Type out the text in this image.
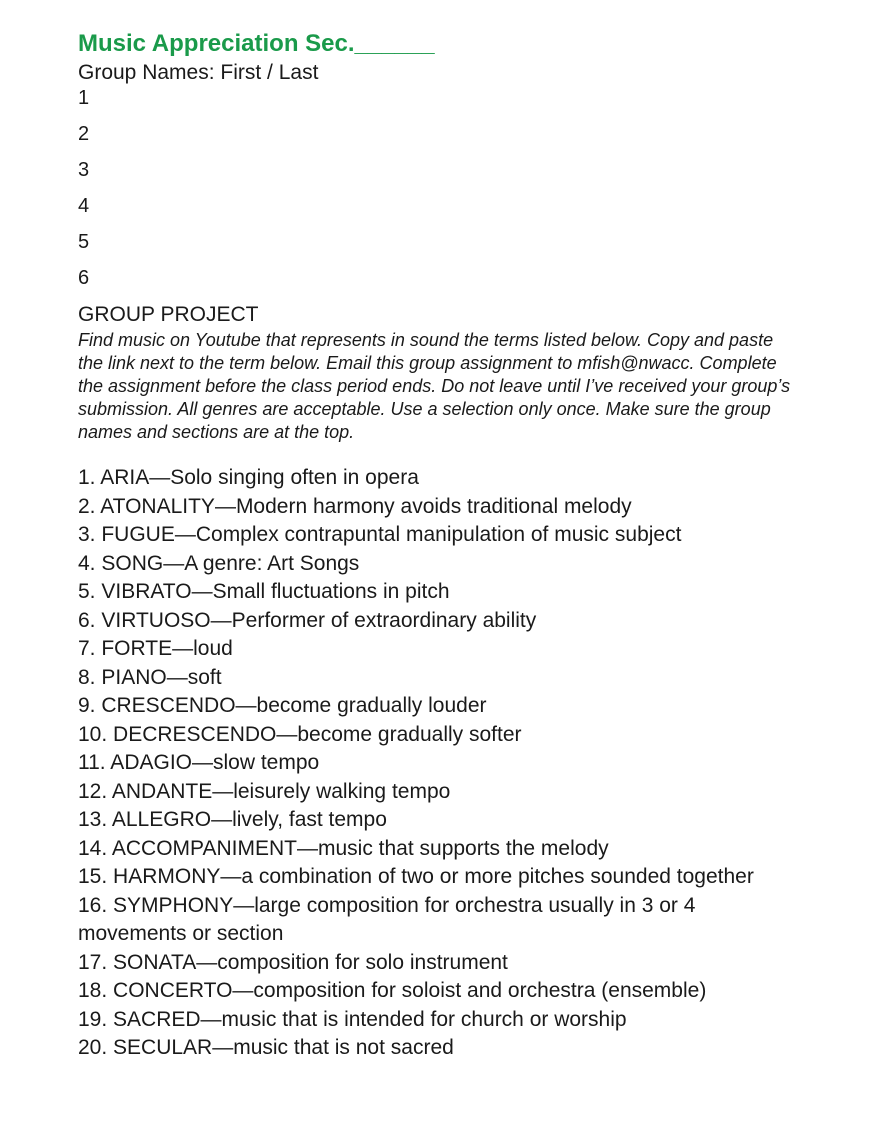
Music Appreciation Sec.______
Group Names: First / Last
1
2
3
4
5
6
GROUP PROJECT

Find music on Youtube that represents in sound the terms listed below. Copy and paste the link next to the term below. Email this group assignment to mfish@nwacc. Complete the assignment before the class period ends. Do not leave until I’ve received your group’s submission. All genres are acceptable. Use a selection only once. Make sure the group names and sections are at the top.

1. ARIA—Solo singing often in opera
2. ATONALITY—Modern harmony avoids traditional melody
3. FUGUE—Complex contrapuntal manipulation of music subject
4. SONG—A genre: Art Songs
5. VIBRATO—Small fluctuations in pitch
6. VIRTUOSO—Performer of extraordinary ability
7. FORTE—loud
8. PIANO—soft
9. CRESCENDO—become gradually louder
10. DECRESCENDO—become gradually softer
11. ADAGIO—slow tempo
12. ANDANTE—leisurely walking tempo
13. ALLEGRO—lively, fast tempo
14. ACCOMPANIMENT—music that supports the melody
15. HARMONY—a combination of two or more pitches sounded together
16. SYMPHONY—large composition for orchestra usually in 3 or 4 movements or section
17. SONATA—composition for solo instrument
18. CONCERTO—composition for soloist and orchestra (ensemble)
19. SACRED—music that is intended for church or worship
20. SECULAR—music that is not sacred
